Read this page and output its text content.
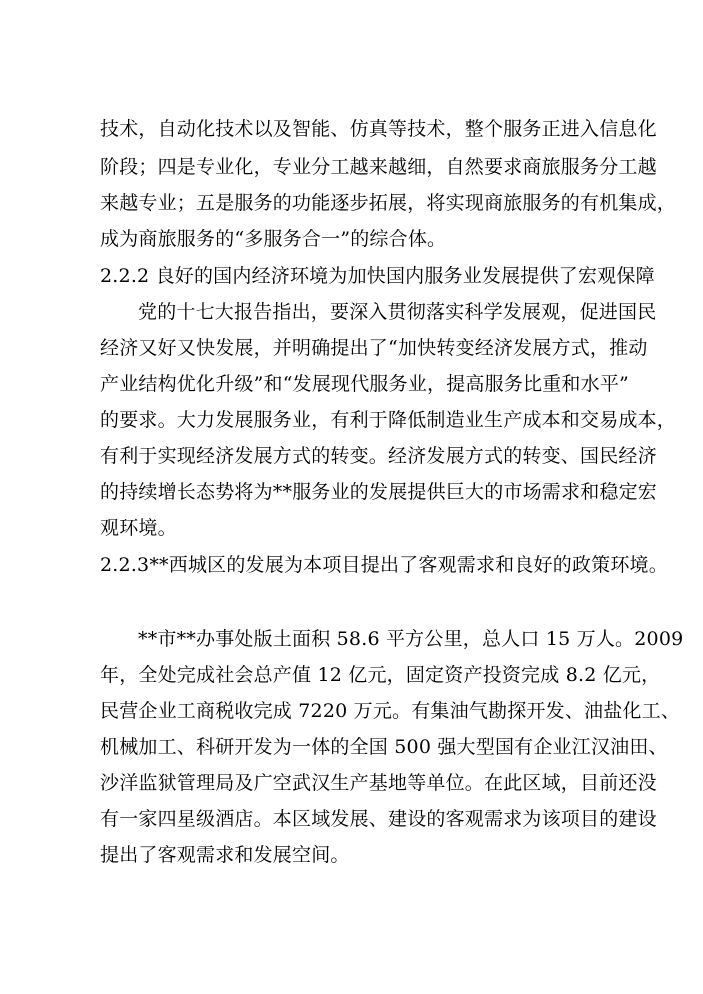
技术，自动化技术以及智能、仿真等技术，整个服务正进入信息化
阶段；四是专业化，专业分工越来越细，自然要求商旅服务分工越
来越专业；五是服务的功能逐步拓展，将实现商旅服务的有机集成，
成为商旅服务的“多服务合一”的综合体。
2.2.2 良好的国内经济环境为加快国内服务业发展提供了宏观保障
党的十七大报告指出，要深入贯彻落实科学发展观，促进国民
经济又好又快发展，并明确提出了“加快转变经济发展方式，推动
产业结构优化升级”和“发展现代服务业，提高服务比重和水平”
的要求。大力发展服务业，有利于降低制造业生产成本和交易成本，
有利于实现经济发展方式的转变。经济发展方式的转变、国民经济
的持续增长态势将为**服务业的发展提供巨大的市场需求和稳定宏
观环境。
2.2.3**西城区的发展为本项目提出了客观需求和良好的政策环境。
**市**办事处版土面积 58.6 平方公里，总人口 15 万人。2009
年，全处完成社会总产值 12 亿元，固定资产投资完成 8.2 亿元，
民营企业工商税收完成 7220 万元。有集油气勘探开发、油盐化工、
机械加工、科研开发为一体的全国 500 强大型国有企业江汉油田、
沙洋监狱管理局及广空武汉生产基地等单位。在此区域，目前还没
有一家四星级酒店。本区域发展、建设的客观需求为该项目的建设
提出了客观需求和发展空间。
